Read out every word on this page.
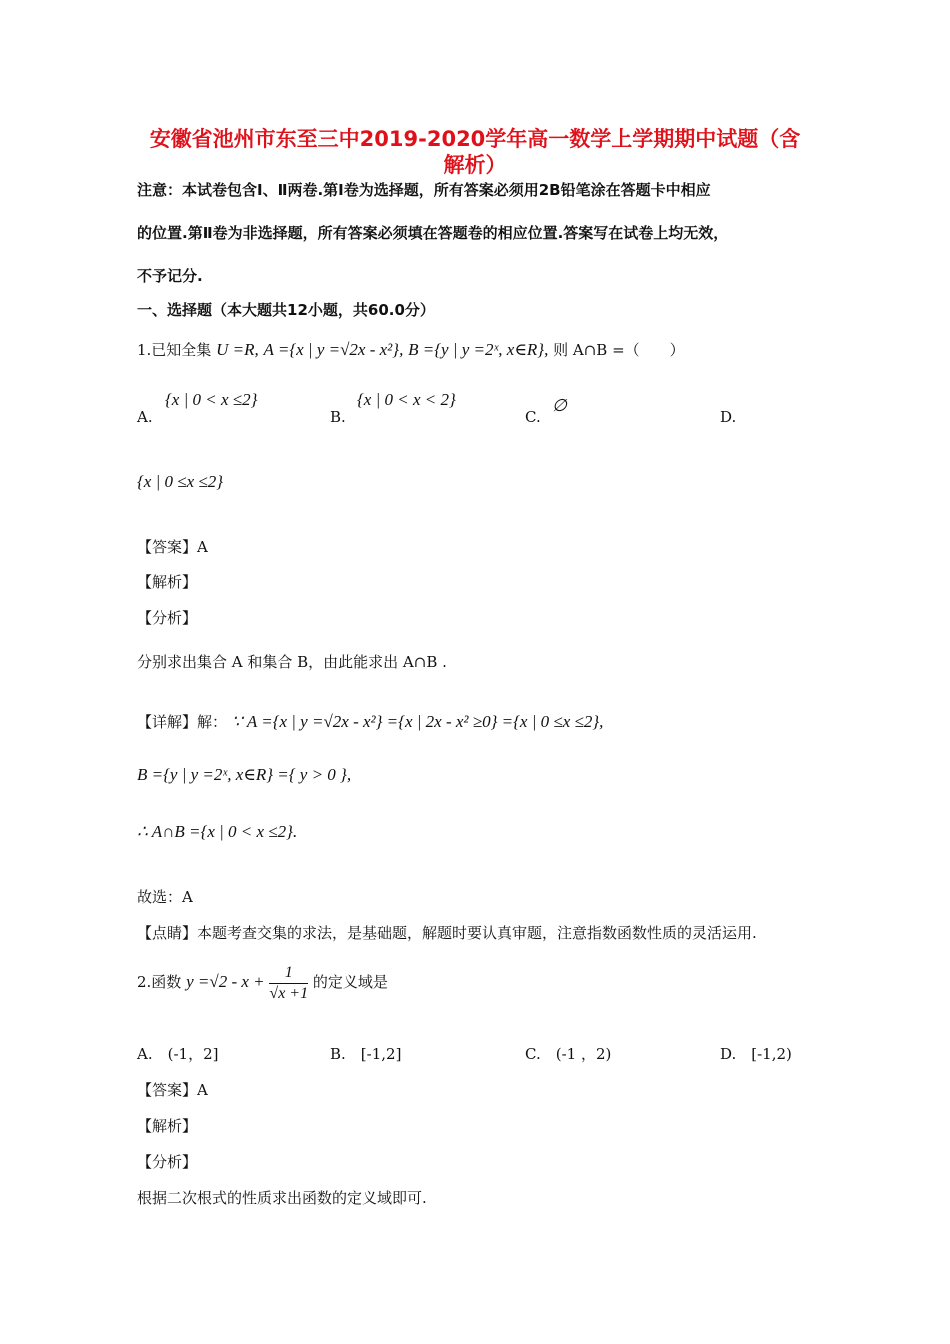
安徽省池州市东至三中2019-2020学年高一数学上学期期中试题（含
解析）
注意：本试卷包含Ⅰ、Ⅱ两卷.第Ⅰ卷为选择题，所有答案必须用2B铅笔涂在答题卡中相应
的位置.第Ⅱ卷为非选择题，所有答案必须填在答题卷的相应位置.答案写在试卷上均无效，
不予记分.
一、选择题（本大题共12小题，共60.0分）
1.已知全集 U =R, A ={x | y =√2x - x²}, B ={y | y =2ˣ, x∈R}, 则 A∩B =（　　）
A.
{x | 0 < x ≤2}
B.
{x | 0 < x < 2}
C.
∅
D.
{x | 0 ≤x ≤2}
【答案】A
【解析】
【分析】
分别求出集合 A 和集合 B，由此能求出 A∩B .
【详解】解： ∵ A ={x | y =√2x - x²} ={x | 2x - x² ≥0} ={x | 0 ≤x ≤2},
B ={y | y =2ˣ, x∈R} ={ y > 0 },
∴ A∩B ={x | 0 < x ≤2}.
故选：A
【点睛】本题考查交集的求法，是基础题，解题时要认真审题，注意指数函数性质的灵活运用.
2.函数 $y =√2 - x + \frac{1}{√x +1}$ 的定义域是
A.　(-1，2]	B.　[-1,2]	C.　(-1 ，2)	D.　[-1,2)
【答案】A
【解析】
【分析】
根据二次根式的性质求出函数的定义域即可.
